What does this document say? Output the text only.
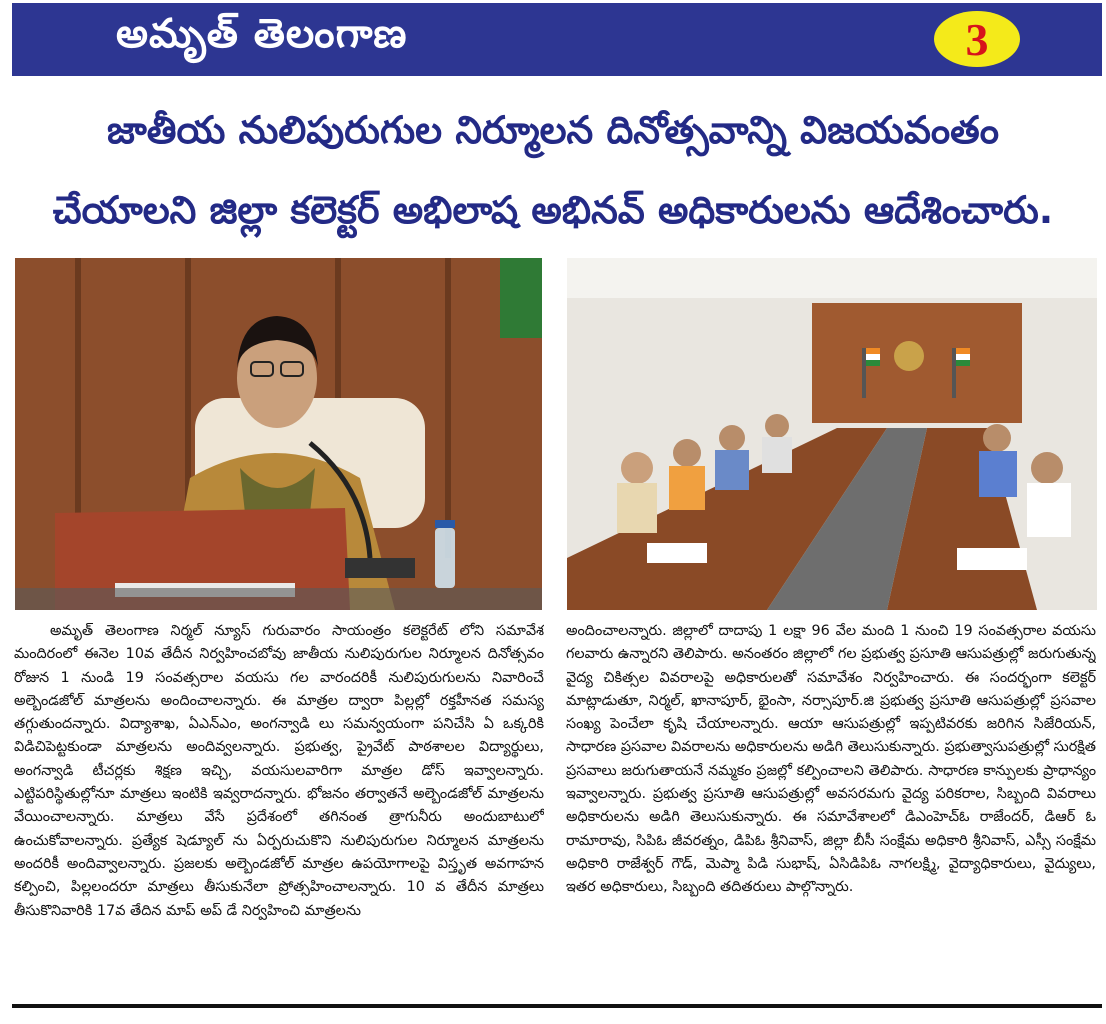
అమృత్ తెలంగాణ	3
జాతీయ నులిపురుగుల నిర్మూలన దినోత్సవాన్ని విజయవంతం
చేయాలని జిల్లా కలెక్టర్ అభిలాష అభినవ్ అధికారులను ఆదేశించారు.
అమృత్ తెలంగాణ నిర్మల్ న్యూస్ గురువారం సాయంత్రం కలెక్టరేట్ లోని సమావేశ మందిరంలో ఈనెల 10వ తేదీన నిర్వహించబోవు జాతీయ నులిపురుగుల నిర్మూలన దినోత్సవం రోజున 1 నుండి 19 సంవత్సరాల వయసు గల వారందరికీ నులిపురుగులను నివారించే అల్బెండజోల్ మాత్రలను అందించాలన్నారు. ఈ మాత్రల ద్వారా పిల్లల్లో రక్తహీనత సమస్య తగ్గుతుందన్నారు. విద్యాశాఖ, ఏఎన్ఎం, అంగన్వాడి లు సమన్వయంగా పనిచేసి ఏ ఒక్కరికి విడిచిపెట్టకుండా మాత్రలను అందివ్వలన్నారు. ప్రభుత్వ, ప్రైవేట్ పాఠశాలల విద్యార్థులు, అంగన్వాడి టీచర్లకు శిక్షణ ఇచ్చి, వయసులవారిగా మాత్రల డోస్ ఇవ్వాలన్నారు. ఎట్టిపరిస్థితుల్లోనూ మాత్రలు ఇంటికి ఇవ్వరాదన్నారు. భోజనం తర్వాతనే అల్బెండజోల్ మాత్రలను వేయించాలన్నారు. మాత్రలు వేసే ప్రదేశంలో తగినంత త్రాగునీరు అందుబాటులో ఉంచుకోవాలన్నారు. ప్రత్యేక షెడ్యూల్ ను ఏర్పరుచుకొని నులిపురుగుల నిర్మూలన మాత్రలను అందరికీ అందివ్వాలన్నారు. ప్రజలకు అల్బెండజోల్ మాత్రల ఉపయోగాలపై విస్తృత అవగాహన కల్పించి, పిల్లలందరూ మాత్రలు తీసుకునేలా ప్రోత్సహించాలన్నారు. 10 వ తేదీన మాత్రలు తీసుకొనివారికి 17వ తేదిన మాప్ అప్ డే నిర్వహించి మాత్రలను
అందించాలన్నారు. జిల్లాలో దాదాపు 1 లక్షా 96 వేల మంది 1 నుంచి 19 సంవత్సరాల వయసు గలవారు ఉన్నారని తెలిపారు. అనంతరం జిల్లాలో గల ప్రభుత్వ ప్రసూతి ఆసుపత్రుల్లో జరుగుతున్న వైద్య చికిత్సల వివరాలపై అధికారులతో సమావేశం నిర్వహించారు. ఈ సందర్భంగా కలెక్టర్ మాట్లాడుతూ, నిర్మల్, ఖానాపూర్, భైంసా, నర్సాపూర్.జి ప్రభుత్వ ప్రసూతి ఆసుపత్రుల్లో ప్రసవాల సంఖ్య పెంచేలా కృషి చేయాలన్నారు. ఆయా ఆసుపత్రుల్లో ఇప్పటివరకు జరిగిన సిజేరియన్, సాధారణ ప్రసవాల వివరాలను అధికారులను అడిగి తెలుసుకున్నారు. ప్రభుత్వాసుపత్రుల్లో సురక్షిత ప్రసవాలు జరుగుతాయనే నమ్మకం ప్రజల్లో కల్పించాలని తెలిపారు. సాధారణ కాన్పులకు ప్రాధాన్యం ఇవ్వాలన్నారు. ప్రభుత్వ ప్రసూతి ఆసుపత్రుల్లో అవసరమగు వైద్య పరికరాల, సిబ్బంది వివరాలు అధికారులను అడిగి తెలుసుకున్నారు. ఈ సమావేశాలలో డిఎంహెచ్ఓ రాజేందర్, డిఆర్ ఓ రామారావు, సిపిఓ జీవరత్నం, డిపిఓ శ్రీనివాస్, జిల్లా బీసీ సంక్షేమ అధికారి శ్రీనివాస్, ఎస్సీ సంక్షేమ అధికారి రాజేశ్వర్ గౌడ్, మెప్మా పిడి సుభాష్, ఏసిడిపిఓ నాగలక్ష్మి, వైద్యాధికారులు, వైద్యులు, ఇతర అధికారులు, సిబ్బంది తదితరులు పాల్గొన్నారు.
